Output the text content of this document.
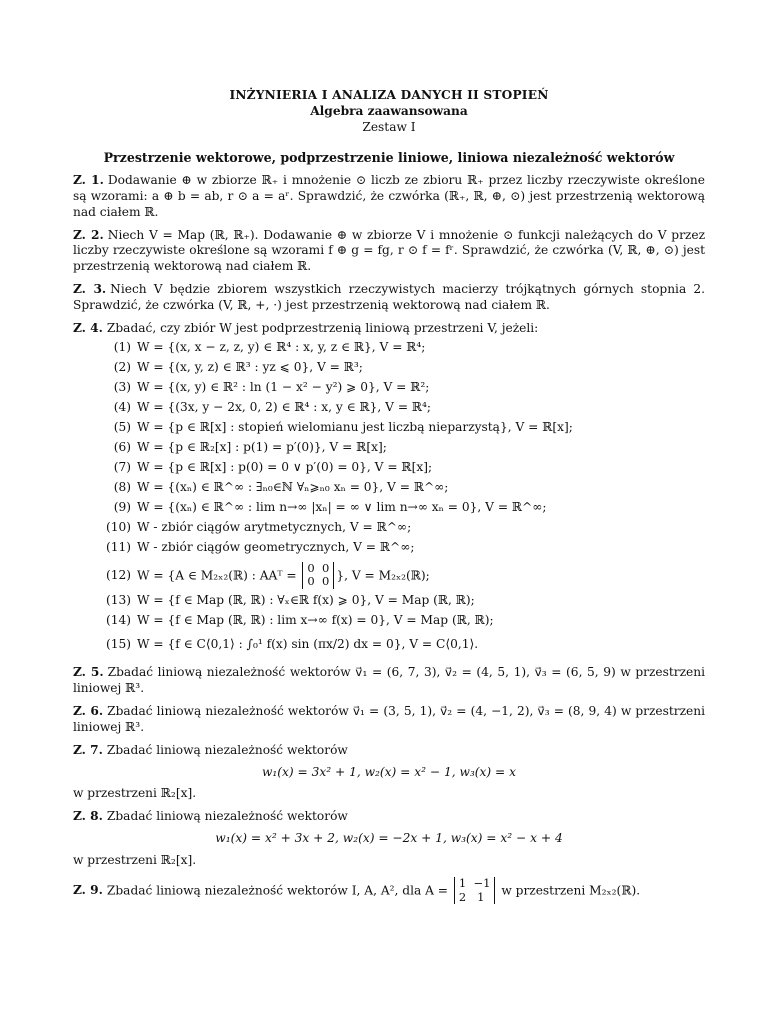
INŻYNIERIA I ANALIZA DANYCH II STOPIEŃ
Algebra zaawansowana
Zestaw I
Przestrzenie wektorowe, podprzestrzenie liniowe, liniowa niezależność wektorów
Z. 1. Dodawanie ⊕ w zbiorze ℝ₊ i mnożenie ⊙ liczb ze zbioru ℝ₊ przez liczby rzeczywiste określone są wzorami: a ⊕ b = ab, r ⊙ a = aʳ. Sprawdzić, że czwórka (ℝ₊, ℝ, ⊕, ⊙) jest przestrzenią wektorową nad ciałem ℝ.
Z. 2. Niech V = Map (ℝ, ℝ₊). Dodawanie ⊕ w zbiorze V i mnożenie ⊙ funkcji należących do V przez liczby rzeczywiste określone są wzorami f ⊕ g = fg, r ⊙ f = fʳ. Sprawdzić, że czwórka (V, ℝ, ⊕, ⊙) jest przestrzenią wektorową nad ciałem ℝ.
Z. 3. Niech V będzie zbiorem wszystkich rzeczywistych macierzy trójkątnych górnych stopnia 2. Sprawdzić, że czwórka (V, ℝ, +, ·) jest przestrzenią wektorową nad ciałem ℝ.
Z. 4. Zbadać, czy zbiór W jest podprzestrzenią liniową przestrzeni V, jeżeli:
(1) W = {(x, x − z, z, y) ∈ ℝ⁴ : x, y, z ∈ ℝ}, V = ℝ⁴;
(2) W = {(x, y, z) ∈ ℝ³ : yz ⩽ 0}, V = ℝ³;
(3) W = {(x, y) ∈ ℝ² : ln (1 − x² − y²) ⩾ 0}, V = ℝ²;
(4) W = {(3x, y − 2x, 0, 2) ∈ ℝ⁴ : x, y ∈ ℝ}, V = ℝ⁴;
(5) W = {p ∈ ℝ[x] : stopień wielomianu jest liczbą nieparzystą}, V = ℝ[x];
(6) W = {p ∈ ℝ₂[x] : p(1) = p′(0)}, V = ℝ[x];
(7) W = {p ∈ ℝ[x] : p(0) = 0 ∨ p′(0) = 0}, V = ℝ[x];
(8) W = {(xₙ) ∈ ℝ^∞ : ∃ₙ₀∈ℕ ∀ₙ⩾ₙ₀ xₙ = 0}, V = ℝ^∞;
(9) W = {(xₙ) ∈ ℝ^∞ : lim n→∞ |xₙ| = ∞ ∨ lim n→∞ xₙ = 0}, V = ℝ^∞;
(10) W - zbiór ciągów arytmetycznych, V = ℝ^∞;
(11) W - zbiór ciągów geometrycznych, V = ℝ^∞;
(12) W = {A ∈ M₂ₓ₂(ℝ) : AAᵀ =
0  0
0  0 }, V = M₂ₓ₂(ℝ);
(13) W = {f ∈ Map (ℝ, ℝ) : ∀ₓ∈ℝ f(x) ⩾ 0}, V = Map (ℝ, ℝ);
(14) W = {f ∈ Map (ℝ, ℝ) : lim x→∞ f(x) = 0}, V = Map (ℝ, ℝ);
(15) W = {f ∈ C⟨0,1⟩ : ∫₀¹ f(x) sin (πx/2) dx = 0}, V = C⟨0,1⟩.
Z. 5. Zbadać liniową niezależność wektorów v⃗₁ = (6, 7, 3), v⃗₂ = (4, 5, 1), v⃗₃ = (6, 5, 9) w przestrzeni liniowej ℝ³.
Z. 6. Zbadać liniową niezależność wektorów v⃗₁ = (3, 5, 1), v⃗₂ = (4, −1, 2), v⃗₃ = (8, 9, 4) w przestrzeni liniowej ℝ³.
Z. 7. Zbadać liniową niezależność wektorów
w₁(x) = 3x² + 1, w₂(x) = x² − 1, w₃(x) = x
w przestrzeni ℝ₂[x].
Z. 8. Zbadać liniową niezależność wektorów
w₁(x) = x² + 3x + 2, w₂(x) = −2x + 1, w₃(x) = x² − x + 4
w przestrzeni ℝ₂[x].
Z. 9. Zbadać liniową niezależność wektorów I, A, A², dla A =
1  −1
2   1	w przestrzeni M₂ₓ₂(ℝ).
